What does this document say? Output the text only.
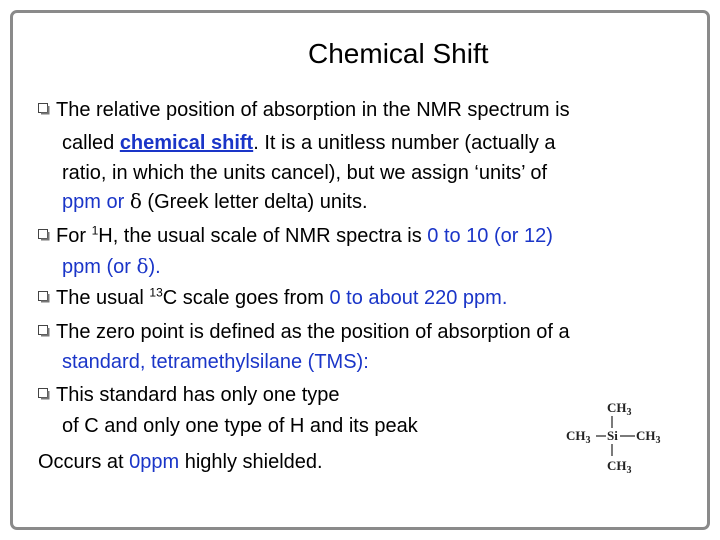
Chemical Shift
The relative position of absorption in the NMR spectrum is
called chemical shift. It is a unitless number (actually a
ratio, in which the units cancel), but we assign ‘units’ of
ppm or δ (Greek letter delta) units.
For $^1$H, the usual scale of NMR spectra is 0 to 10 (or 12)
ppm (or δ).
The usual $^{13}$C scale goes from 0 to about 220 ppm.
The zero point is defined as the position of absorption of a
standard, tetramethylsilane (TMS):
This standard has only one type
of C and only one type of H and its peak
Occurs at 0ppm highly shielded.
$CH_3$
$CH_3$ Si $CH_3$
$CH_3$
